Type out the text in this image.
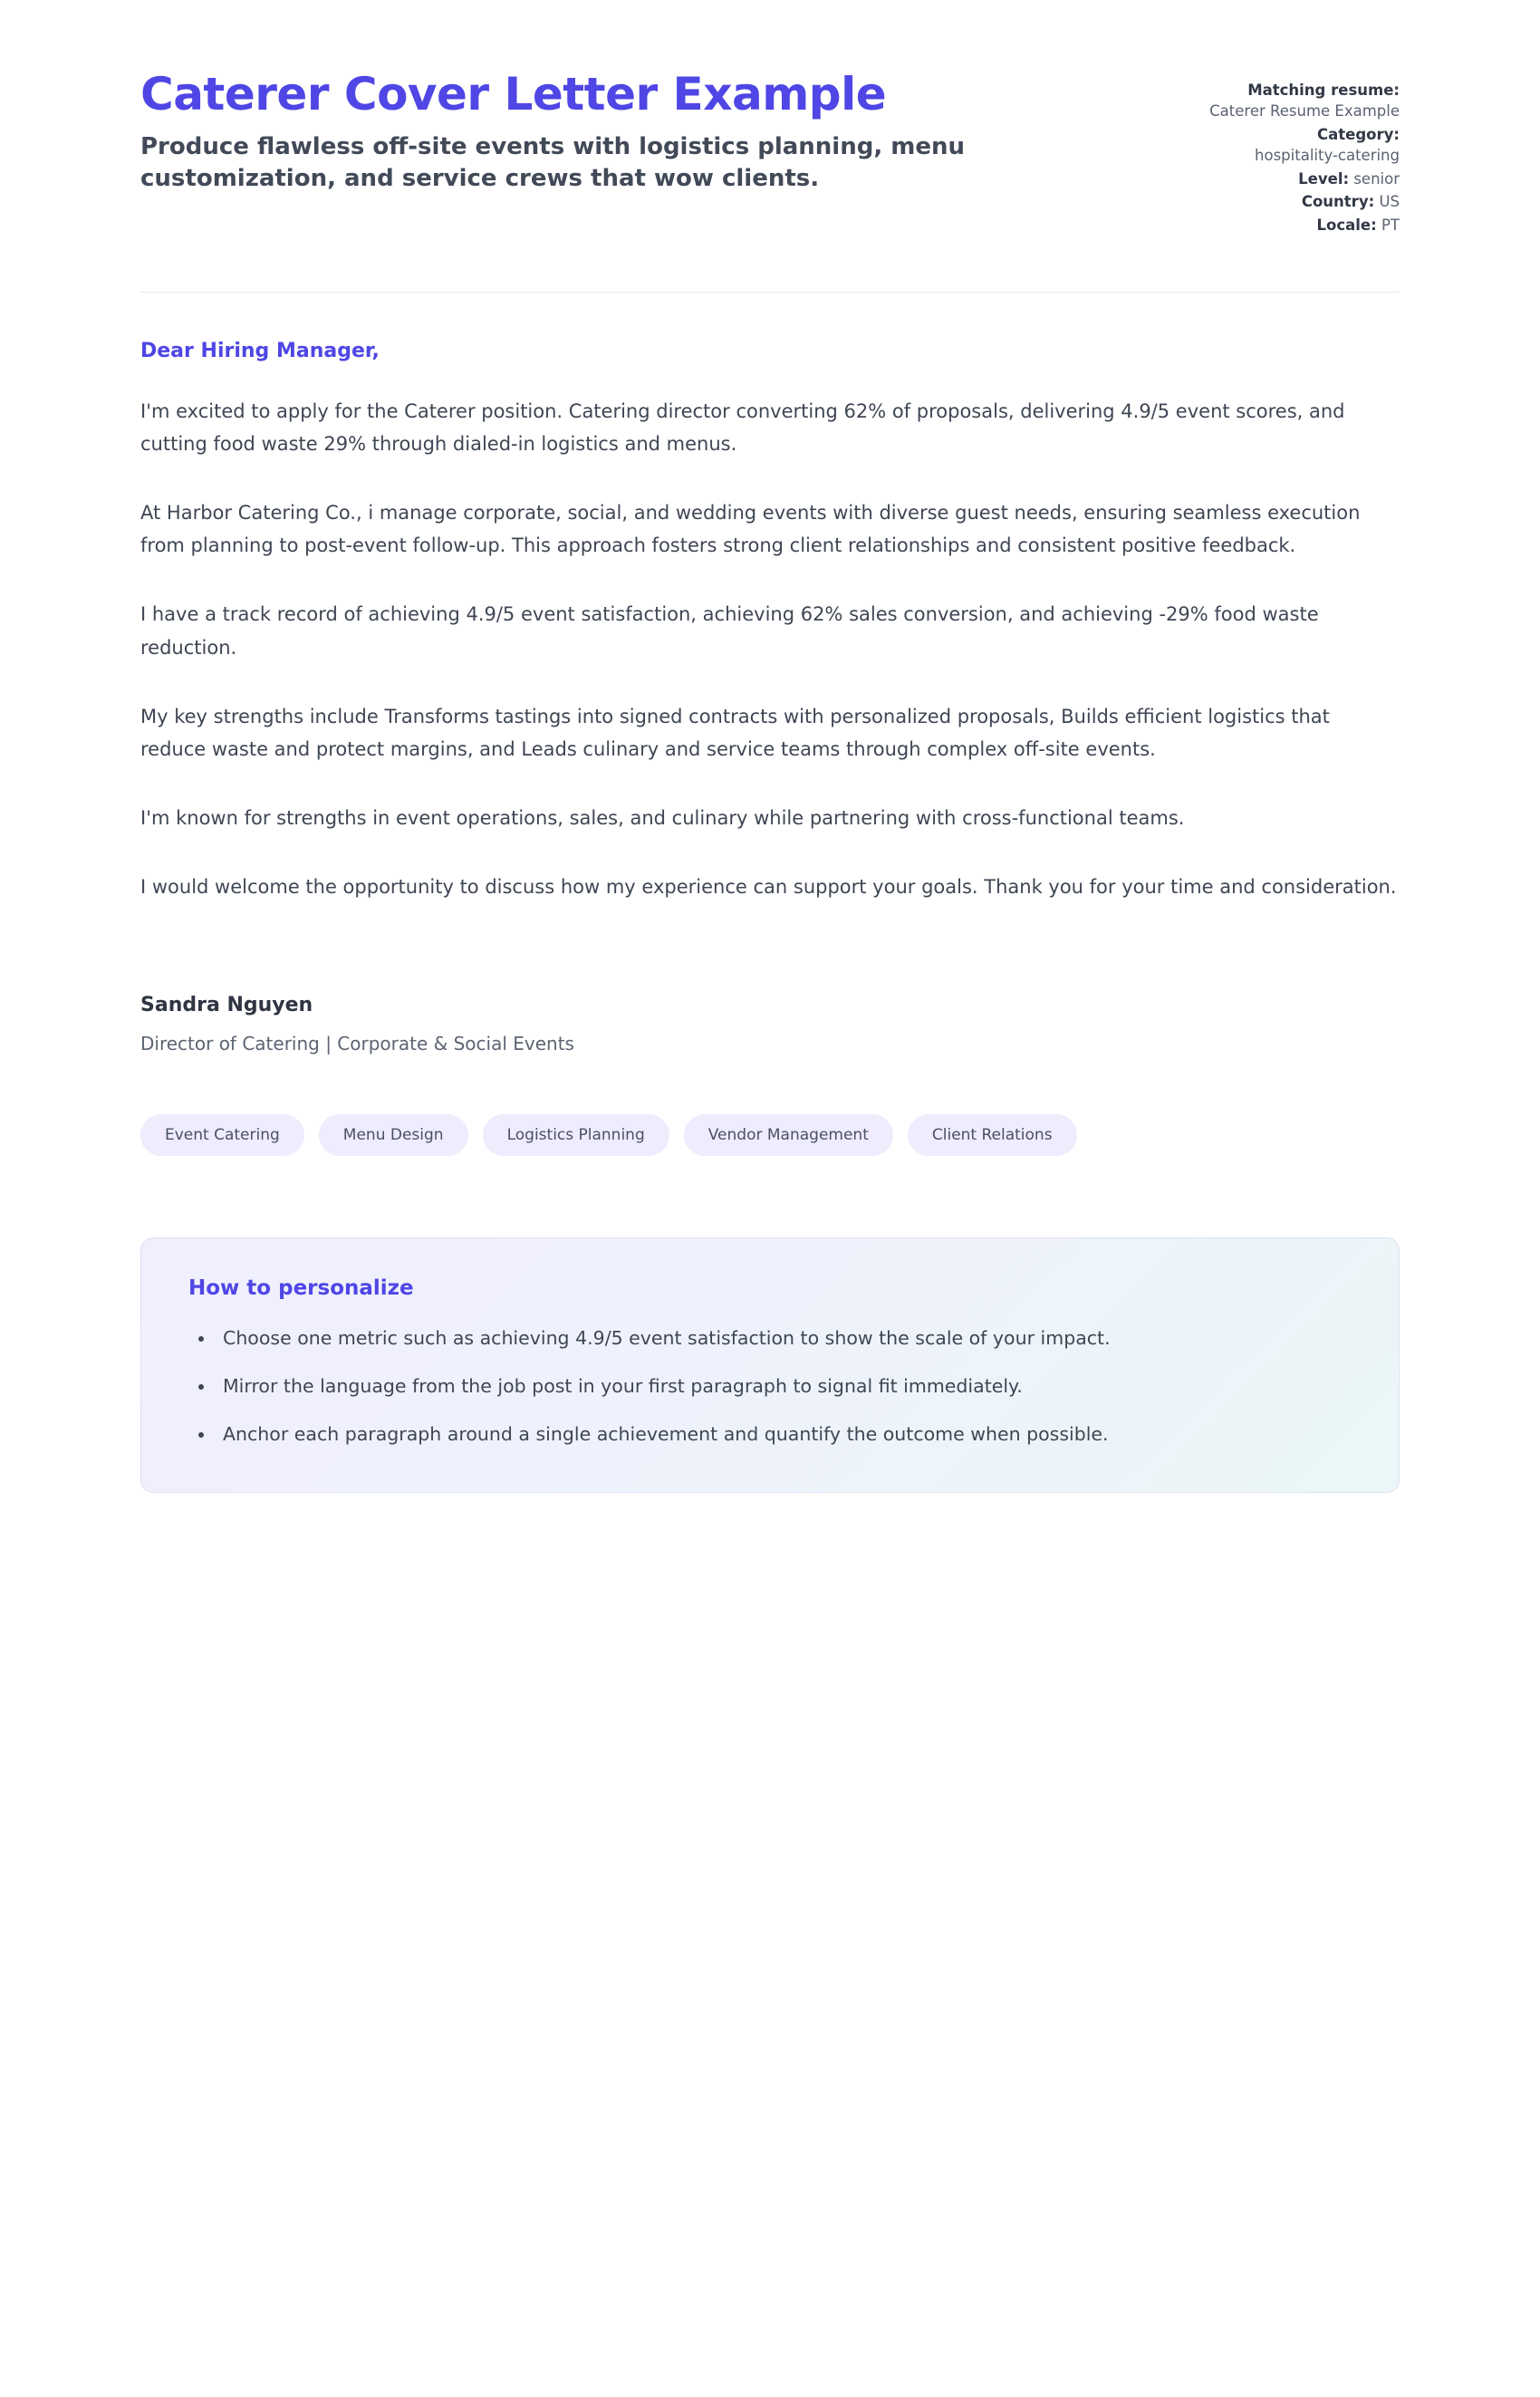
Caterer Cover Letter Example

Produce flawless off-site events with logistics planning, menu customization, and service crews that wow clients.

Matching resume:
Caterer Resume Example
Category:
hospitality-catering
Level: senior
Country: US
Locale: PT

Dear Hiring Manager,

I'm excited to apply for the Caterer position. Catering director converting 62% of proposals, delivering 4.9/5 event scores, and cutting food waste 29% through dialed-in logistics and menus.

At Harbor Catering Co., i manage corporate, social, and wedding events with diverse guest needs, ensuring seamless execution from planning to post-event follow-up. This approach fosters strong client relationships and consistent positive feedback.

I have a track record of achieving 4.9/5 event satisfaction, achieving 62% sales conversion, and achieving -29% food waste reduction.

My key strengths include Transforms tastings into signed contracts with personalized proposals, Builds efficient logistics that reduce waste and protect margins, and Leads culinary and service teams through complex off-site events.

I'm known for strengths in event operations, sales, and culinary while partnering with cross-functional teams.

I would welcome the opportunity to discuss how my experience can support your goals. Thank you for your time and consideration.

Sandra Nguyen

Director of Catering | Corporate & Social Events

Event Catering	Menu Design	Logistics Planning	Vendor Management	Client Relations

How to personalize

• Choose one metric such as achieving 4.9/5 event satisfaction to show the scale of your impact.
• Mirror the language from the job post in your first paragraph to signal fit immediately.
• Anchor each paragraph around a single achievement and quantify the outcome when possible.
